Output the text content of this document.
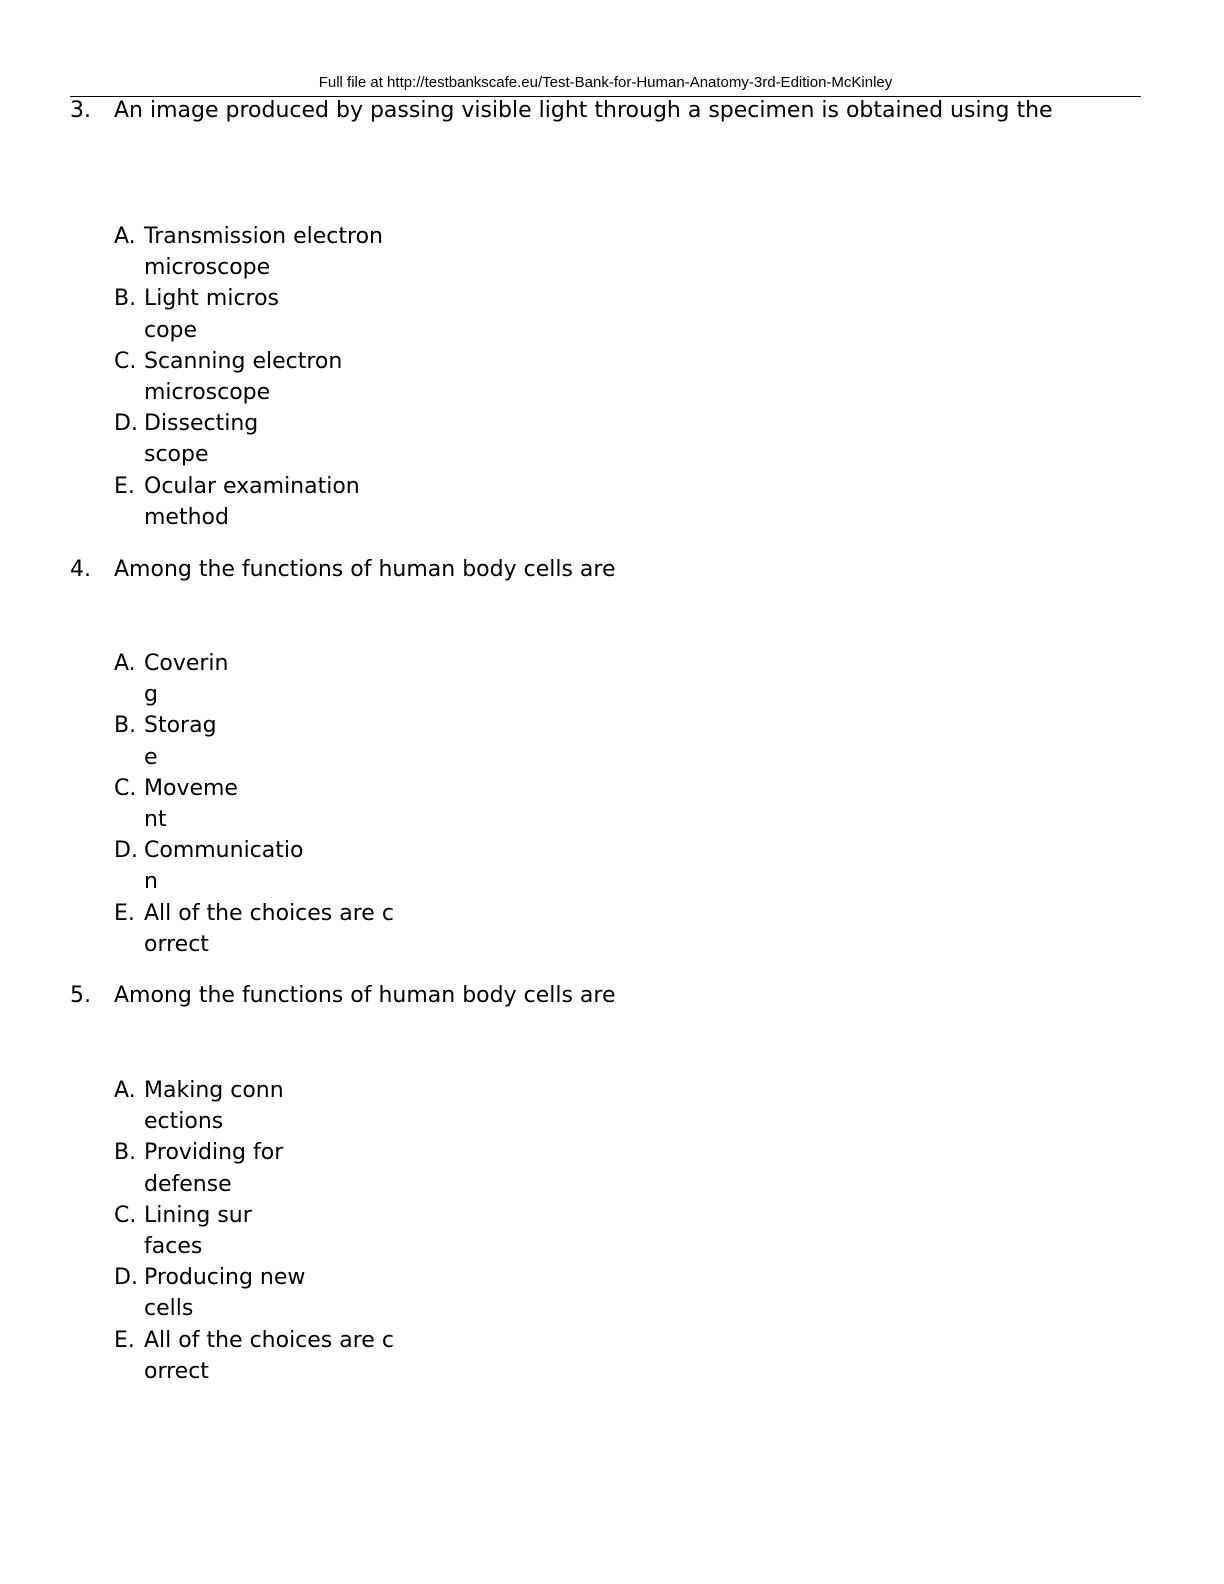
Full file at http://testbankscafe.eu/Test-Bank-for-Human-Anatomy-3rd-Edition-McKinley
3. An image produced by passing visible light through a specimen is obtained using the
A. Transmission electron microscope
B. Light microscope
C. Scanning electron microscope
D. Dissecting scope
E. Ocular examination method
4. Among the functions of human body cells are
A. Covering
B. Storage
C. Movement
D. Communication
E. All of the choices are correct
5. Among the functions of human body cells are
A. Making connections
B. Providing for defense
C. Lining surfaces
D. Producing new cells
E. All of the choices are correct
